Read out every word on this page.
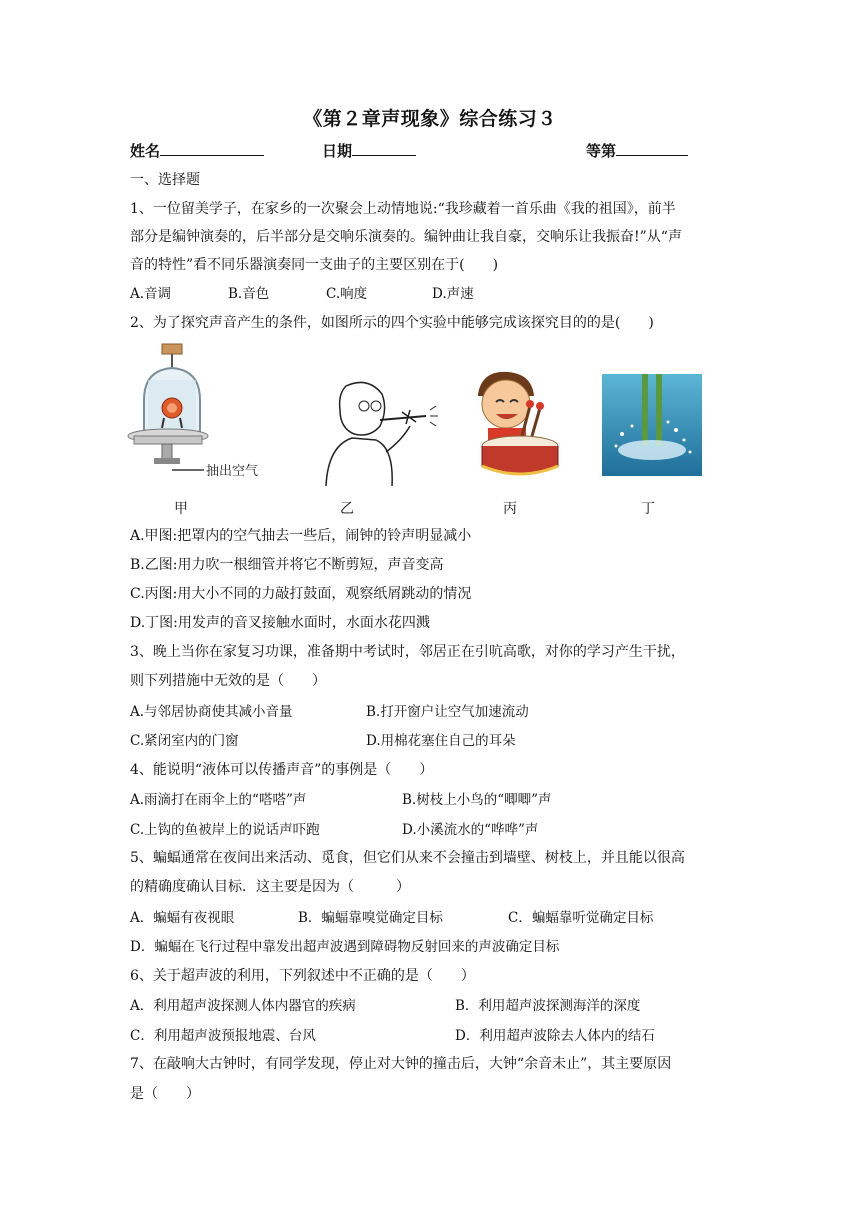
《第２章声现象》综合练习３
姓名	日期	等第
一、选择题
1、一位留美学子，在家乡的一次聚会上动情地说:“我珍藏着一首乐曲《我的祖国》，前半
部分是编钟演奏的，后半部分是交响乐演奏的。编钟曲让我自豪，交响乐让我振奋!”从“声
音的特性”看不同乐器演奏同一支曲子的主要区别在于(　　)
A.音调	B.音色	C.响度	D.声速
2、为了探究声音产生的条件，如图所示的四个实验中能够完成该探究目的的是(　　)
抽出空气
甲	乙	丙	丁
A.甲图:把罩内的空气抽去一些后，闹钟的铃声明显减小
B.乙图:用力吹一根细管并将它不断剪短，声音变高
C.丙图:用大小不同的力敲打鼓面，观察纸屑跳动的情况
D.丁图:用发声的音叉接触水面时，水面水花四溅
3、晚上当你在家复习功课，准备期中考试时，邻居正在引吭高歌，对你的学习产生干扰，
则下列措施中无效的是（　　）
A.与邻居协商使其减小音量	B.打开窗户让空气加速流动
C.紧闭室内的门窗	D.用棉花塞住自己的耳朵
4、能说明“液体可以传播声音”的事例是（　　）
A.雨滴打在雨伞上的“嗒嗒”声	B.树枝上小鸟的“唧唧”声
C.上钩的鱼被岸上的说话声吓跑	D.小溪流水的“哗哗”声
5、蝙蝠通常在夜间出来活动、觅食，但它们从来不会撞击到墙壁、树枝上，并且能以很高
的精确度确认目标．这主要是因为（　　　）
A．蝙蝠有夜视眼	B．蝙蝠靠嗅觉确定目标	C．蝙蝠靠听觉确定目标
D．蝙蝠在飞行过程中靠发出超声波遇到障碍物反射回来的声波确定目标
6、关于超声波的利用，下列叙述中不正确的是（　　）
A．利用超声波探测人体内器官的疾病	B．利用超声波探测海洋的深度
C．利用超声波预报地震、台风	D．利用超声波除去人体内的结石
7、在敲响大古钟时，有同学发现，停止对大钟的撞击后，大钟“余音未止”，其主要原因
是（　　）
